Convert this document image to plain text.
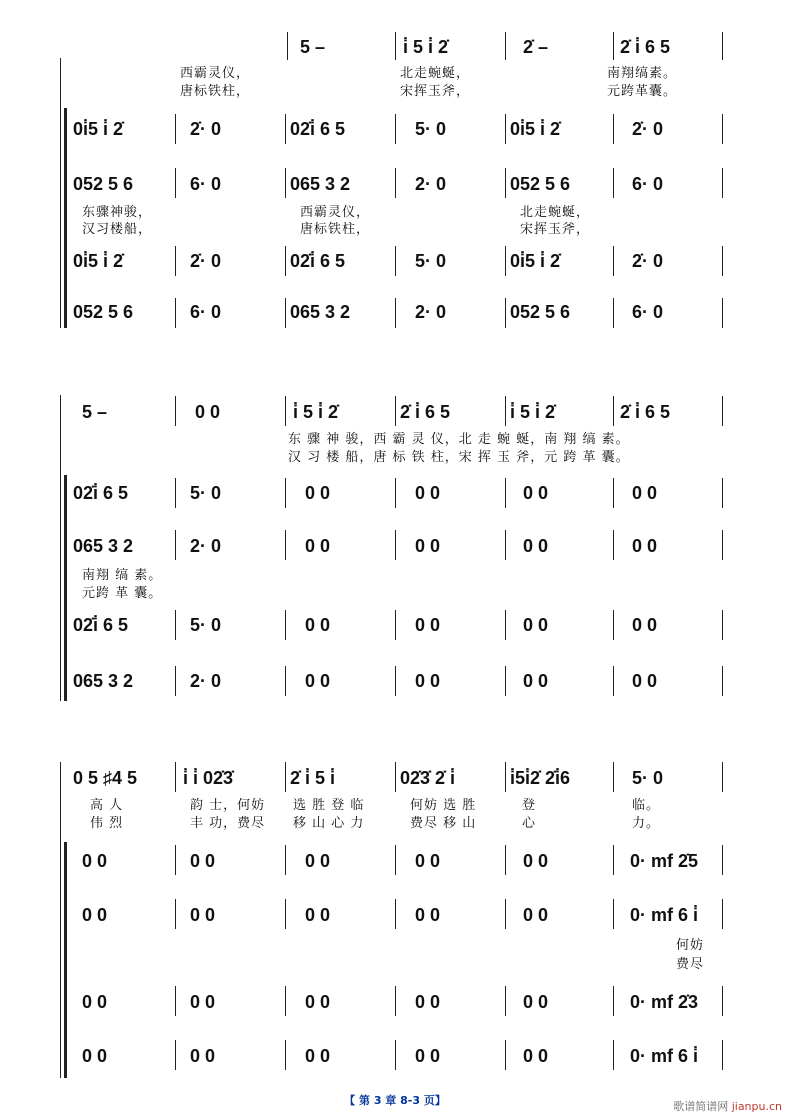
5 –	i̇ 5 i̇ 2̇	2̇ –	2̇ i̇ 6 5
西霸灵仪，	北走蜿蜒，	南翔缟素。
唐标铁柱，	宋挥玉斧，	元跨革囊。
0i̇5 i̇ 2̇	2̇· 0	02̇i̇ 6 5	5· 0	0i̇5 i̇ 2̇	2̇· 0
052 5 6	6· 0	065 3 2	2· 0	052 5 6	6· 0
东骤神骏，	西霸灵仪，	北走蜿蜒，
汉习楼船，	唐标铁柱，	宋挥玉斧，
0i̇5 i̇ 2̇	2̇· 0	02̇i̇ 6 5	5· 0	0i̇5 i̇ 2̇	2̇· 0
052 5 6	6· 0	065 3 2	2· 0	052 5 6	6· 0
5 –	0 0	i̇ 5 i̇ 2̇	2̇ i̇ 6 5	i̇ 5 i̇ 2̇	2̇ i̇ 6 5
东 骤 神 骏，西 霸 灵 仪，北 走 蜿 蜒，南 翔 缟 素。
汉 习 楼 船，唐 标 铁 柱，宋 挥 玉 斧，元 跨 革 囊。
02̇i̇ 6 5	5· 0	0 0	0 0	0 0	0 0
065 3 2	2· 0	0 0	0 0	0 0	0 0
南翔 缟 素。
元跨 革 囊。
02̇i̇ 6 5	5· 0	0 0	0 0	0 0	0 0
065 3 2	2· 0	0 0	0 0	0 0	0 0
0 5 ♯4 5	i̇ i̇ 02̇3̇	2̇ i̇ 5 i̇	02̇3̇ 2̇ i̇	i̇5i̇2̇ 2̇i̇6	5· 0
高 人	韵 士，何妨 选 胜 登 临	何妨 选 胜	登	临。
伟 烈	丰 功，费尽 移 山 心 力	费尽 移 山	心	力。
0 0	0 0	0 0	0 0	0 0	0· mf 2̇5
0 0	0 0	0 0	0 0	0 0	0· mf 6 i̇
何妨
费尽
0 0	0 0	0 0	0 0	0 0	0· mf 2̇3
0 0	0 0	0 0	0 0	0 0	0· mf 6 i̇
【 第 3 章 8-3 页】	歌谱简谱网 jianpu.cn
